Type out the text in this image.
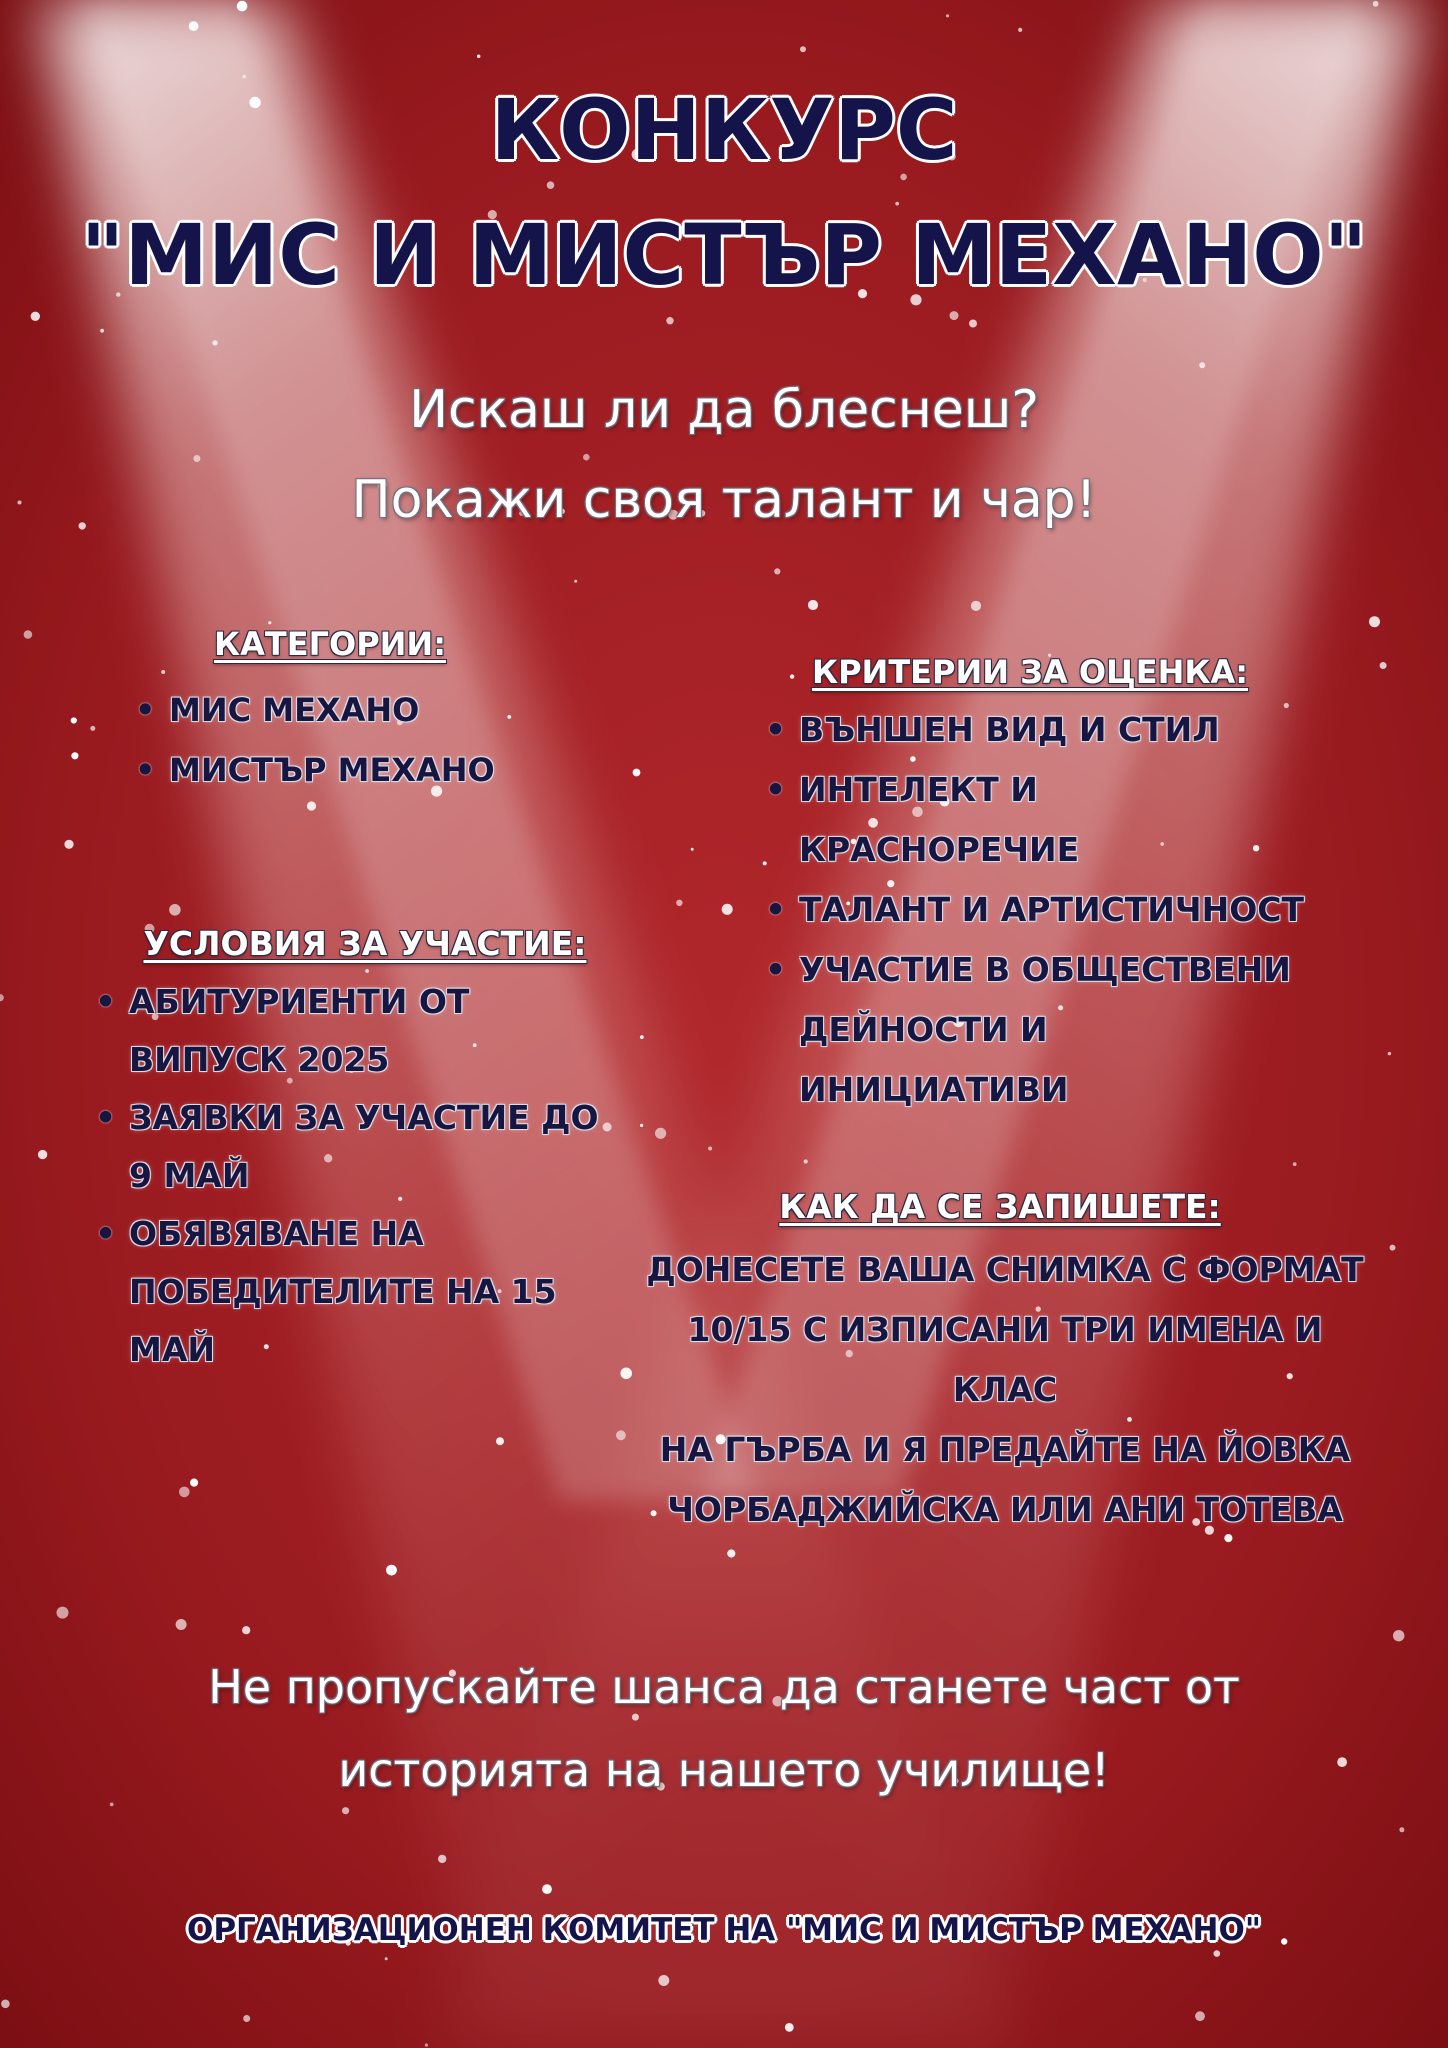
КОНКУРС
"МИС И МИСТЪР МЕХАНО"
Искаш ли да блеснеш?
Покажи своя талант и чар!
КАТЕГОРИИ:
• МИС МЕХАНО
• МИСТЪР МЕХАНО
КРИТЕРИИ ЗА ОЦЕНКА:
• ВЪНШЕН ВИД И СТИЛ
• ИНТЕЛЕКТ И КРАСНОРЕЧИЕ
• ТАЛАНТ И АРТИСТИЧНОСТ
• УЧАСТИЕ В ОБЩЕСТВЕНИ ДЕЙНОСТИ И ИНИЦИАТИВИ
УСЛОВИЯ ЗА УЧАСТИЕ:
• АБИТУРИЕНТИ ОТ ВИПУСК 2025
• ЗАЯВКИ ЗА УЧАСТИЕ ДО 9 МАЙ
• ОБЯВЯВАНЕ НА ПОБЕДИТЕЛИТЕ НА 15 МАЙ
КАК ДА СЕ ЗАПИШЕТЕ:
ДОНЕСЕТЕ ВАША СНИМКА С ФОРМАТ
10/15 С ИЗПИСАНИ ТРИ ИМЕНА И КЛАС
НА ГЪРБА И Я ПРЕДАЙТЕ НА ЙОВКА
ЧОРБАДЖИЙСКА ИЛИ АНИ ТОТЕВА
Не пропускайте шанса да станете част от
историята на нашето училище!
ОРГАНИЗАЦИОНЕН КОМИТЕТ НА "МИС И МИСТЪР МЕХАНО"
